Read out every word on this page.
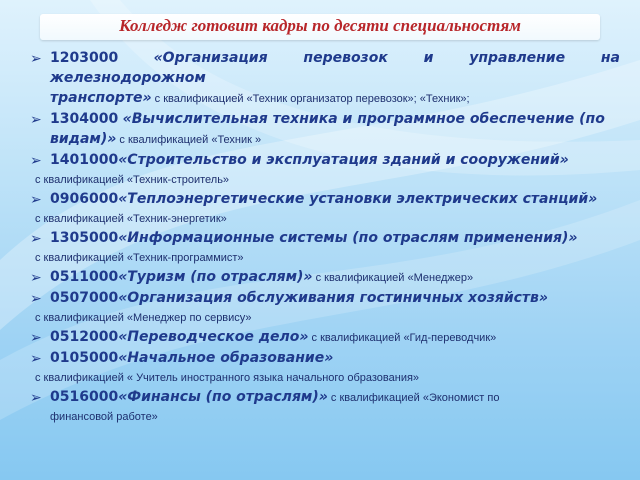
Колледж готовит кадры по десяти специальностям
➢ 1203000	«Организация перевозок и управление на железнодорожном
транспорте» с квалификацией «Техник организатор перевозок»; «Техник»;
➢ 1304000 «Вычислительная техника и программное обеспечение (по
видам)» с квалификацией «Техник »
➢ 1401000«Строительство и эксплуатация зданий и сооружений»
с квалификацией «Техник-строитель»
➢ 0906000«Теплоэнергетические установки электрических станций»
с квалификацией «Техник-энергетик»
➢ 1305000«Информационные системы (по отраслям применения)»
с квалификацией «Техник-программист»
➢ 0511000«Туризм (по отраслям)» с квалификацией «Менеджер»
➢ 0507000«Организация обслуживания гостиничных хозяйств»
с квалификацией «Менеджер по сервису»
➢ 0512000«Переводческое дело» с квалификацией «Гид-переводчик»
➢ 0105000«Начальное образование»
с квалификацией « Учитель иностранного языка начального образования»
➢ 0516000«Финансы (по отраслям)» с квалификацией «Экономист по
финансовой работе»
